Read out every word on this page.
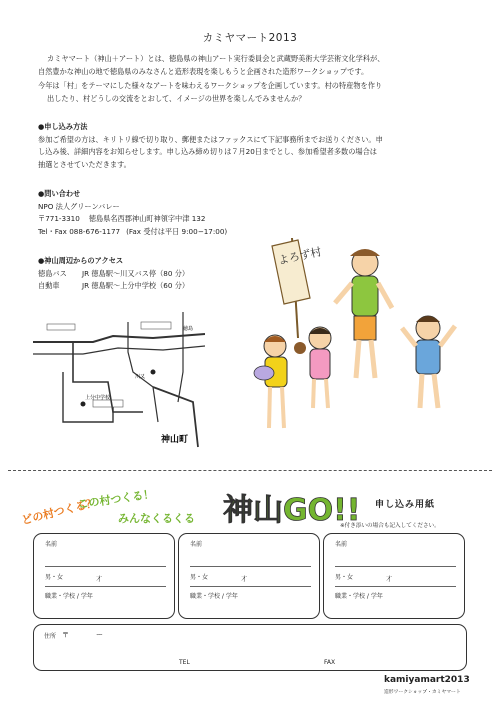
カミヤマート2013

カミヤマート（神山＋アート）とは、徳島県の神山アート実行委員会と武蔵野美術大学芸術文化学科が、

自然豊かな神山の地で徳島県のみなさんと造形表現を楽しもうと企画された造形ワークショップです。

今年は「村」をテーマにした様々なアートを味わえるワークショップを企画しています。村の特産物を作り

出したり、村どうしの交流をとおして、イメージの世界を楽しんでみませんか？

●申し込み方法

参加ご希望の方は、キリトリ線で切り取り、郵便またはファックスにて下記事務所までお送りください。申

し込み後、詳細内容をお知らせします。申し込み締め切りは７月20日までとし、参加希望者多数の場合は

抽選とさせていただきます。

●問い合わせ

NPO 法人グリーンバレー

〒771-3310 徳島県名西郡神山町神領字中津 132
Tel・Fax 088-676-1177 (Fax 受付は平日 9:00−17:00)

●神山周辺からのアクセス

徳島バス	JR 徳島駅〜川又バス停（80 分）
自動車	JR 徳島駅〜上分中学校（60 分）
上分中学校
川又
徳島
神山町
よろず村
どの村つくる？
この村つくる！
みんなくるくる 神山GO!! 申し込み用紙
※付き添いの場合も記入してください。
名前
男・女	才
職業・学校 / 学年
名前
男・女	才
職業・学校 / 学年
名前
男・女	才
職業・学校 / 学年
住所 〒	ー
TEL	FAX
kamiyamart2013
造形ワークショップ・カミヤマート
